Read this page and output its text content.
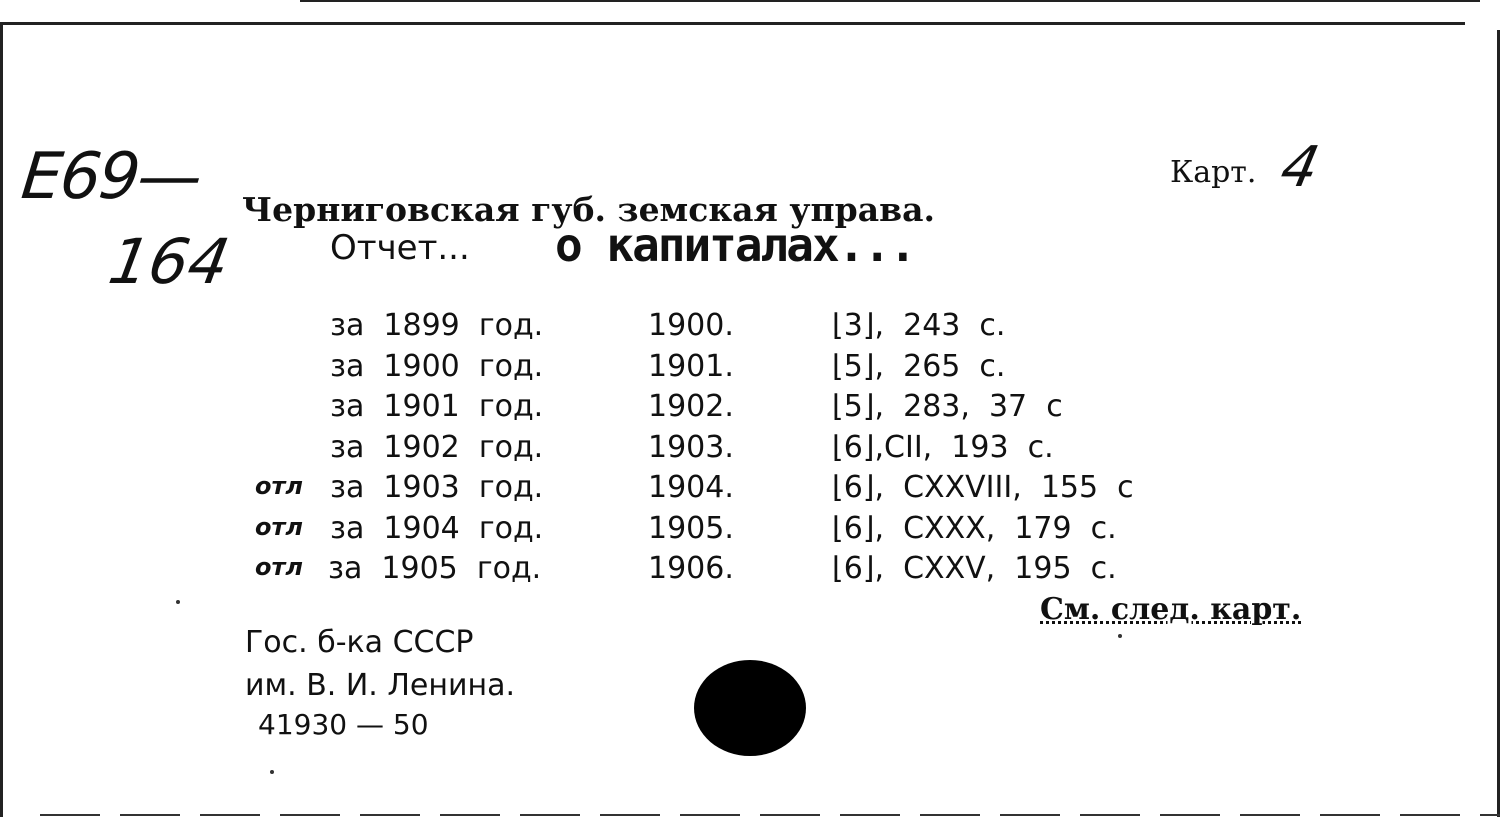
E69—
164
Карт. 4
Черниговская губ. земская управа.
Отчет... о капиталах...
за  1899  год.	1900.	⌊3⌋,  243  с.
за  1900  год.	1901.	⌊5⌋,  265  с.
за  1901  год.	1902.	⌊5⌋,  283,  37  с
за  1902  год.	1903.	⌊6⌋,CII,  193  с.
отл за  1903  год.	1904.	⌊6⌋,  CXXVIII,  155  с
отл за  1904  год.	1905.	⌊6⌋,  CXXX,  179  с.
отл за  1905  год.	1906.	⌊6⌋,  CXXV,  195  с.
См. след. карт.
Гос. б-ка СССР
им. В. И. Ленина.
41930 — 50
